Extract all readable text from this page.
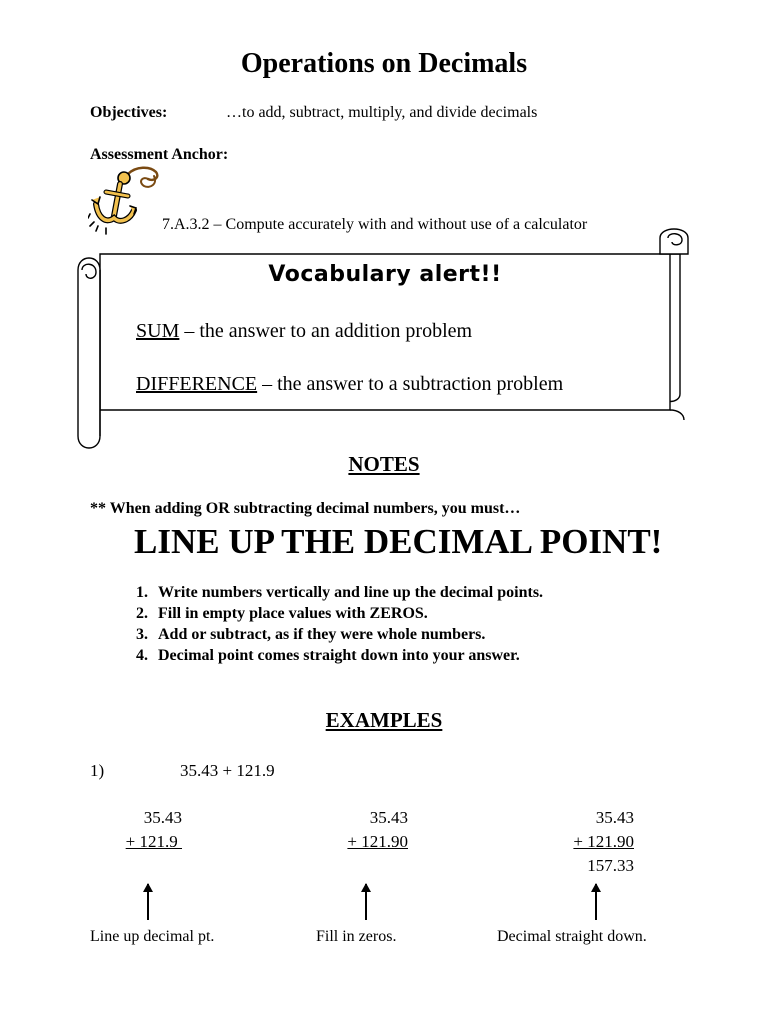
Operations on Decimals
Objectives:	…to add, subtract, multiply, and divide decimals
Assessment Anchor:
7.A.3.2 – Compute accurately with and without use of a calculator
Vocabulary alert!!
SUM – the answer to an addition problem
DIFFERENCE – the answer to a subtraction problem
NOTES
** When adding OR subtracting decimal numbers, you must…
LINE UP THE DECIMAL POINT!
1. Write numbers vertically and line up the decimal points.
2. Fill in empty place values with ZEROS.
3. Add or subtract, as if they were whole numbers.
4. Decimal point comes straight down into your answer.
EXAMPLES
1)	35.43 + 121.9
35.43
+ 121.9
35.43
+ 121.90
35.43
+ 121.90
157.33
Line up decimal pt.	Fill in zeros.	Decimal straight down.
